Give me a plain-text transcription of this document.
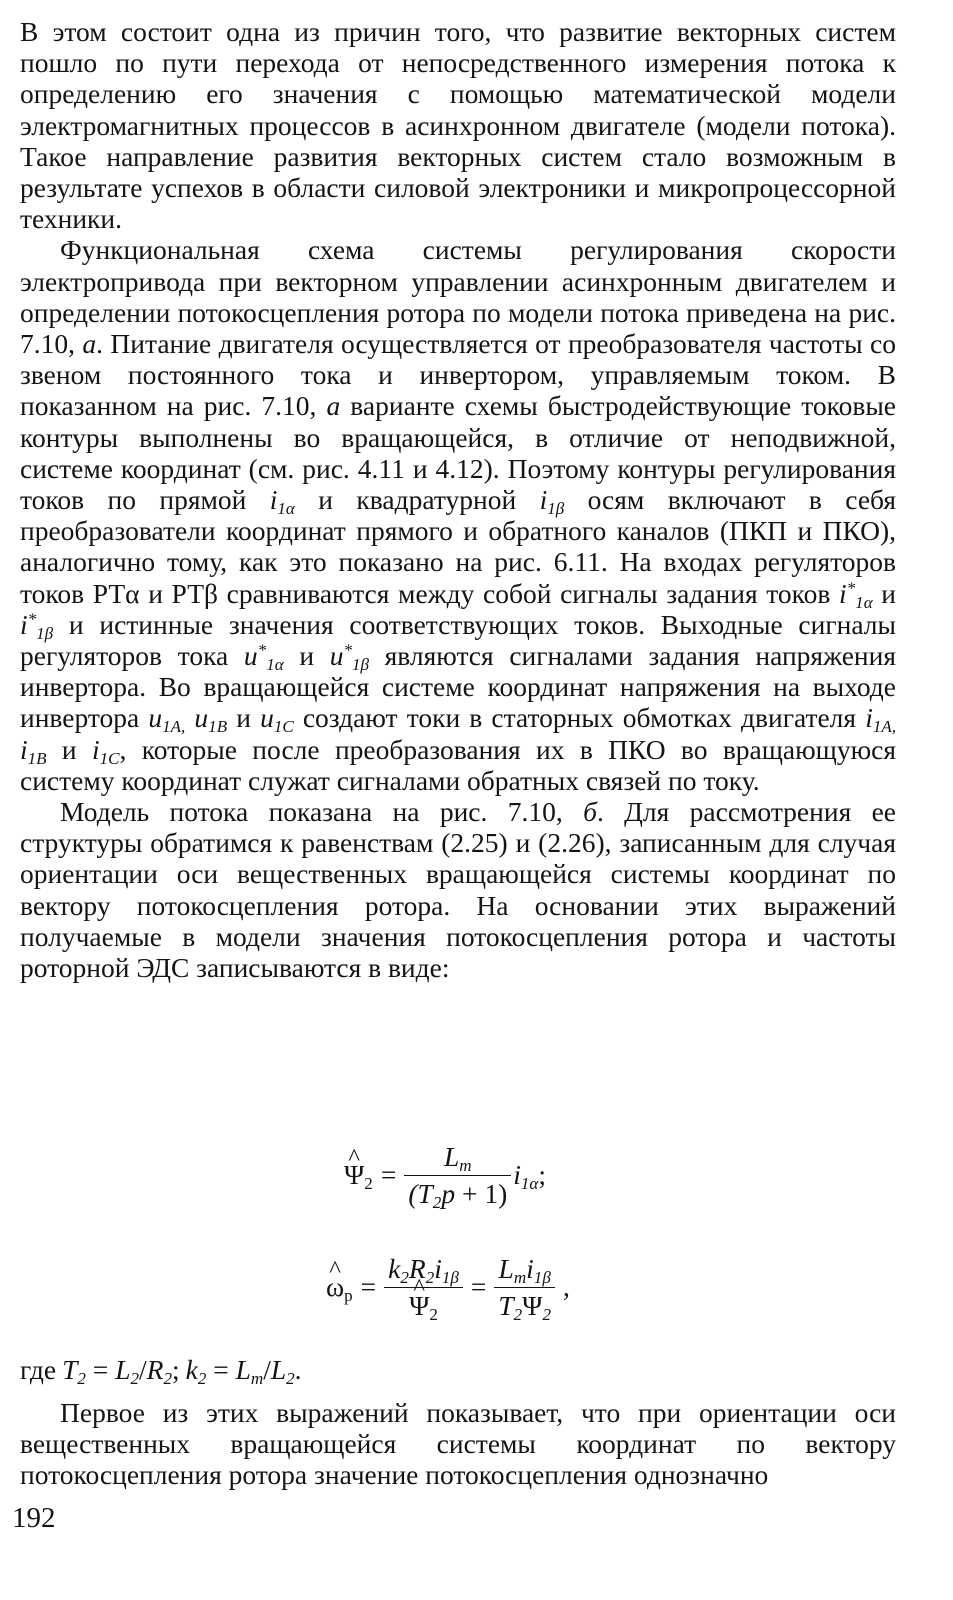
В этом состоит одна из причин того, что развитие векторных систем пошло по пути перехода от непосредственного измерения потока к определению его значения с помощью математической модели электромагнитных процессов в асинхронном двигателе (модели потока). Такое направление развития векторных систем стало возможным в результате успехов в области силовой электроники и микропроцессорной техники.

Функциональная схема системы регулирования скорости электропривода при векторном управлении асинхронным двигателем и определении потокосцепления ротора по модели потока приведена на рис. 7.10, а. Питание двигателя осуществляется от преобразователя частоты со звеном постоянного тока и инвертором, управляемым током. В показанном на рис. 7.10, а варианте схемы быстродействующие токовые контуры выполнены во вращающейся, в отличие от неподвижной, системе координат (см. рис. 4.11 и 4.12). Поэтому контуры регулирования токов по прямой $i_{1\alpha}$ и квадратурной $i_{1\beta}$ осям включают в себя преобразователи координат прямого и обратного каналов (ПКП и ПКО), аналогично тому, как это показано на рис. 6.11. На входах регуляторов токов РТα и РТβ сравниваются между собой сигналы задания токов $i^*_{1\alpha}$ и $i^*_{1\beta}$ и истинные значения соответствующих токов. Выходные сигналы регуляторов тока $u^*_{1\alpha}$ и $u^*_{1\beta}$ являются сигналами задания напряжения инвертора. Во вращающейся системе координат напряжения на выходе инвертора $u_{1A,}$ $u_{1B}$ и $u_{1C}$ создают токи в статорных обмотках двигателя $i_{1A,}$ $i_{1B}$ и $i_{1C}$, которые после преобразования их в ПКО во вращающуюся систему координат служат сигналами обратных связей по току.

Модель потока показана на рис. 7.10, б. Для рассмотрения ее структуры обратимся к равенствам (2.25) и (2.26), записанным для случая ориентации оси вещественных вращающейся системы координат по вектору потокосцепления ротора. На основании этих выражений получаемые в модели значения потокосцепления ротора и частоты роторной ЭДС записываются в виде:

^ $\Psi_2 = \frac{L_m}{(T_2p + 1)} i_{1\alpha}$;
^ $\omega_р = k_2R_2i_{1\beta}$
^ $\Psi_2 = \frac{L_mi_{1\beta}}{T_2\Psi_2}$ ,
где $T_2 = L_2/R_2$; $k_2 = L_m/L_2$.

Первое из этих выражений показывает, что при ориентации оси вещественных вращающейся системы координат по вектору потокосцепления ротора значение потокосцепления однозначно

192
